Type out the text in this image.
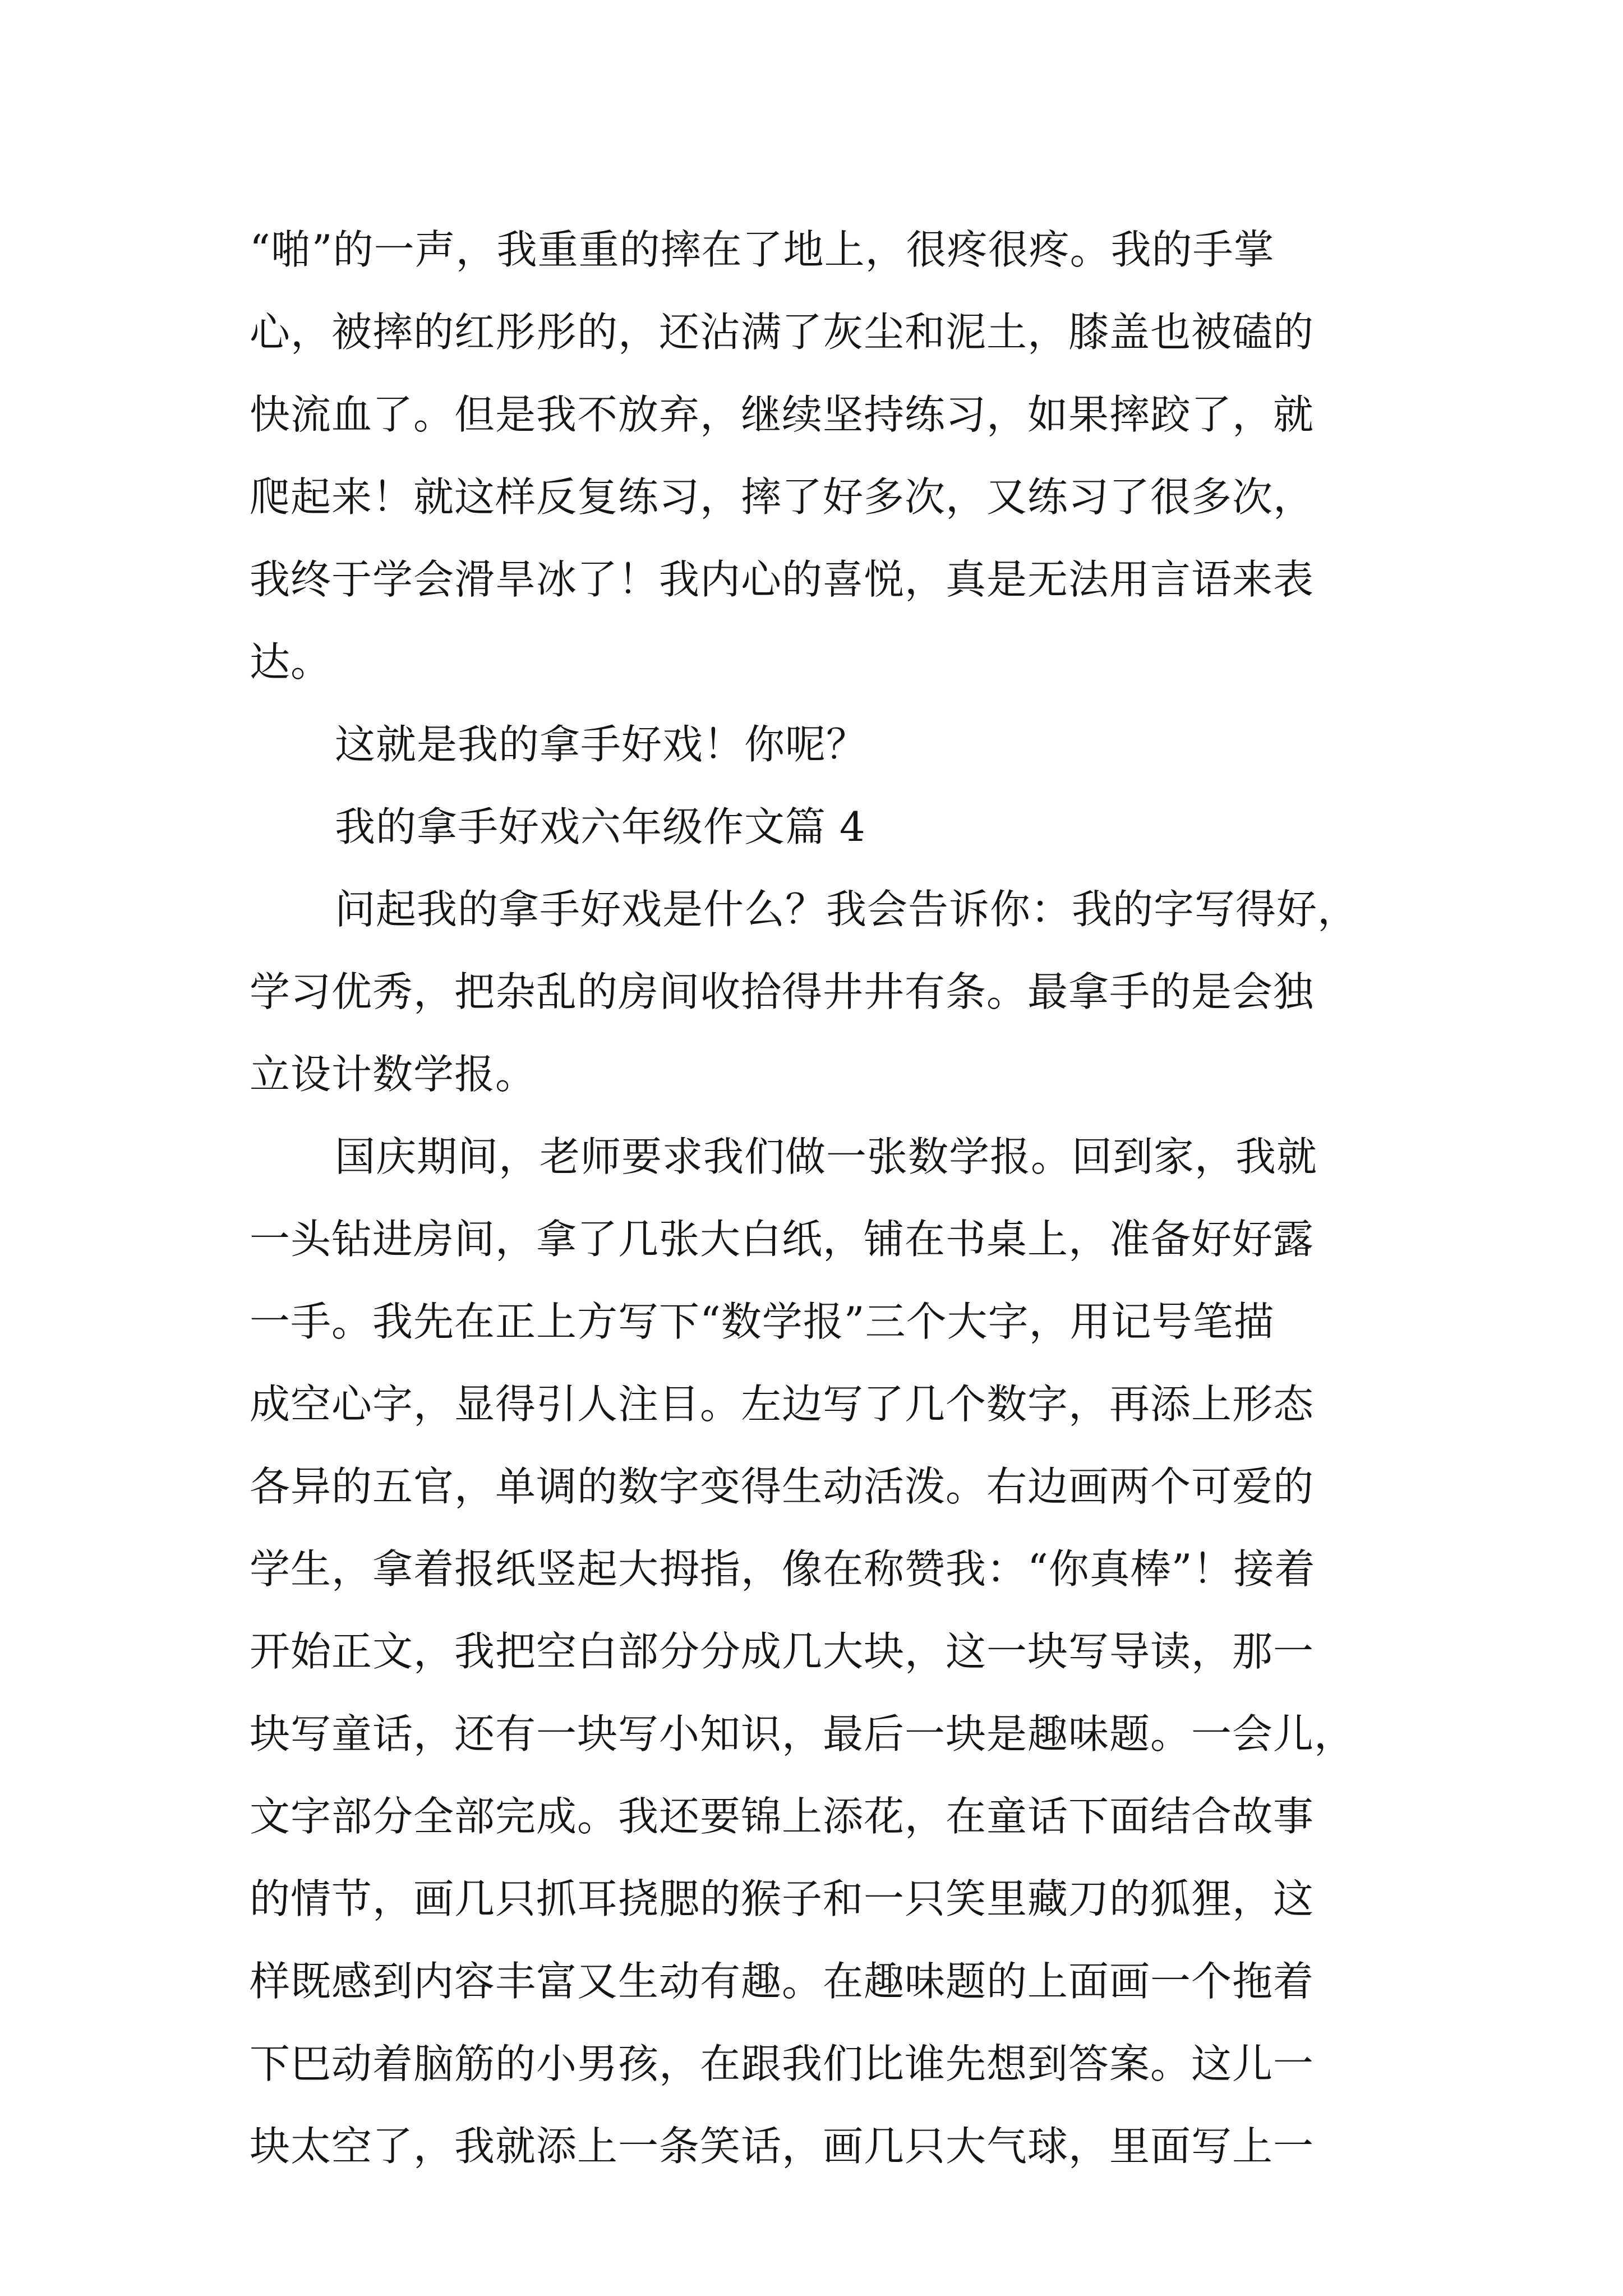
“啪”的一声，我重重的摔在了地上，很疼很疼。我的手掌
心，被摔的红彤彤的，还沾满了灰尘和泥土，膝盖也被磕的
快流血了。但是我不放弃，继续坚持练习，如果摔跤了，就
爬起来！就这样反复练习，摔了好多次，又练习了很多次，
我终于学会滑旱冰了！我内心的喜悦，真是无法用言语来表
达。
这就是我的拿手好戏！你呢？
我的拿手好戏六年级作文篇 4
问起我的拿手好戏是什么？我会告诉你：我的字写得好，
学习优秀，把杂乱的房间收拾得井井有条。最拿手的是会独
立设计数学报。
国庆期间，老师要求我们做一张数学报。回到家，我就
一头钻进房间，拿了几张大白纸，铺在书桌上，准备好好露
一手。我先在正上方写下“数学报”三个大字，用记号笔描
成空心字，显得引人注目。左边写了几个数字，再添上形态
各异的五官，单调的数字变得生动活泼。右边画两个可爱的
学生，拿着报纸竖起大拇指，像在称赞我：“你真棒”！接着
开始正文，我把空白部分分成几大块，这一块写导读，那一
块写童话，还有一块写小知识，最后一块是趣味题。一会儿，
文字部分全部完成。我还要锦上添花，在童话下面结合故事
的情节，画几只抓耳挠腮的猴子和一只笑里藏刀的狐狸，这
样既感到内容丰富又生动有趣。在趣味题的上面画一个拖着
下巴动着脑筋的小男孩，在跟我们比谁先想到答案。这儿一
块太空了，我就添上一条笑话，画几只大气球，里面写上一
